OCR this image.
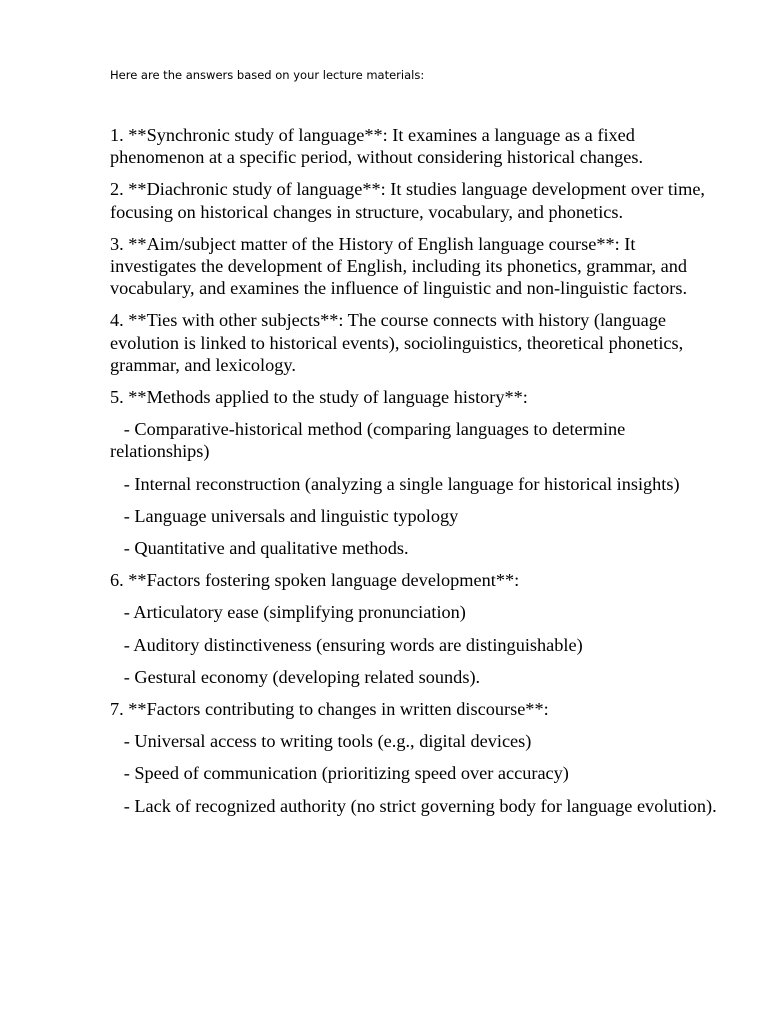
Here are the answers based on your lecture materials:

1. **Synchronic study of language**: It examines a language as a fixed phenomenon at a specific period, without considering historical changes.

2. **Diachronic study of language**: It studies language development over time, focusing on historical changes in structure, vocabulary, and phonetics.

3. **Aim/subject matter of the History of English language course**: It investigates the development of English, including its phonetics, grammar, and vocabulary, and examines the influence of linguistic and non-linguistic factors.

4. **Ties with other subjects**: The course connects with history (language evolution is linked to historical events), sociolinguistics, theoretical phonetics, grammar, and lexicology.

5. **Methods applied to the study of language history**:

- Comparative-historical method (comparing languages to determine relationships)

- Internal reconstruction (analyzing a single language for historical insights)

- Language universals and linguistic typology

- Quantitative and qualitative methods.

6. **Factors fostering spoken language development**:

- Articulatory ease (simplifying pronunciation)

- Auditory distinctiveness (ensuring words are distinguishable)

- Gestural economy (developing related sounds).

7. **Factors contributing to changes in written discourse**:

- Universal access to writing tools (e.g., digital devices)

- Speed of communication (prioritizing speed over accuracy)

- Lack of recognized authority (no strict governing body for language evolution).
